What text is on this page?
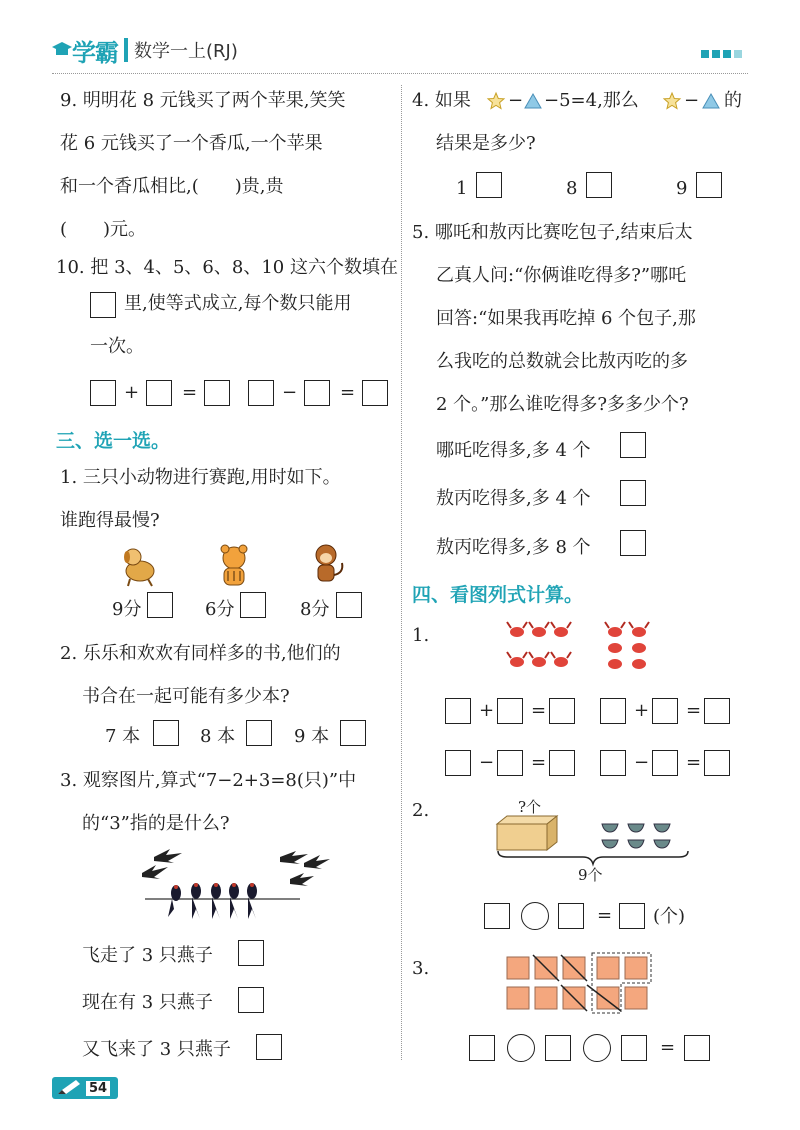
学霸 数学一上(RJ)
9. 明明花 8 元钱买了两个苹果,笑笑
花 6 元钱买了一个香瓜,一个苹果
和一个香瓜相比,(　　)贵,贵
(　　)元。
10. 把 3、4、5、6、8、10 这六个数填在
里,使等式成立,每个数只能用
一次。
+ =	− =
三、选一选。
1. 三只小动物进行赛跑,用时如下。
谁跑得最慢?
9分	6分	8分
2. 乐乐和欢欢有同样多的书,他们的
书合在一起可能有多少本?
7 本	8 本	9 本
3. 观察图片,算式“7−2+3=8(只)”中
的“3”指的是什么?
飞走了 3 只燕子
现在有 3 只燕子
又飞来了 3 只燕子
4. 如果 − −5=4,那么	− 的
结果是多少?
1	8	9
5. 哪吒和敖丙比赛吃包子,结束后太
乙真人问:“你俩谁吃得多?”哪吒
回答:“如果我再吃掉 6 个包子,那
么我吃的总数就会比敖丙吃的多
2 个。”那么谁吃得多?多多少个?
哪吒吃得多,多 4 个
敖丙吃得多,多 4 个
敖丙吃得多,多 8 个
四、看图列式计算。
1.
+ =	+ =
− =	− =
2.	?个
9个
= (个)
3.
=
54
